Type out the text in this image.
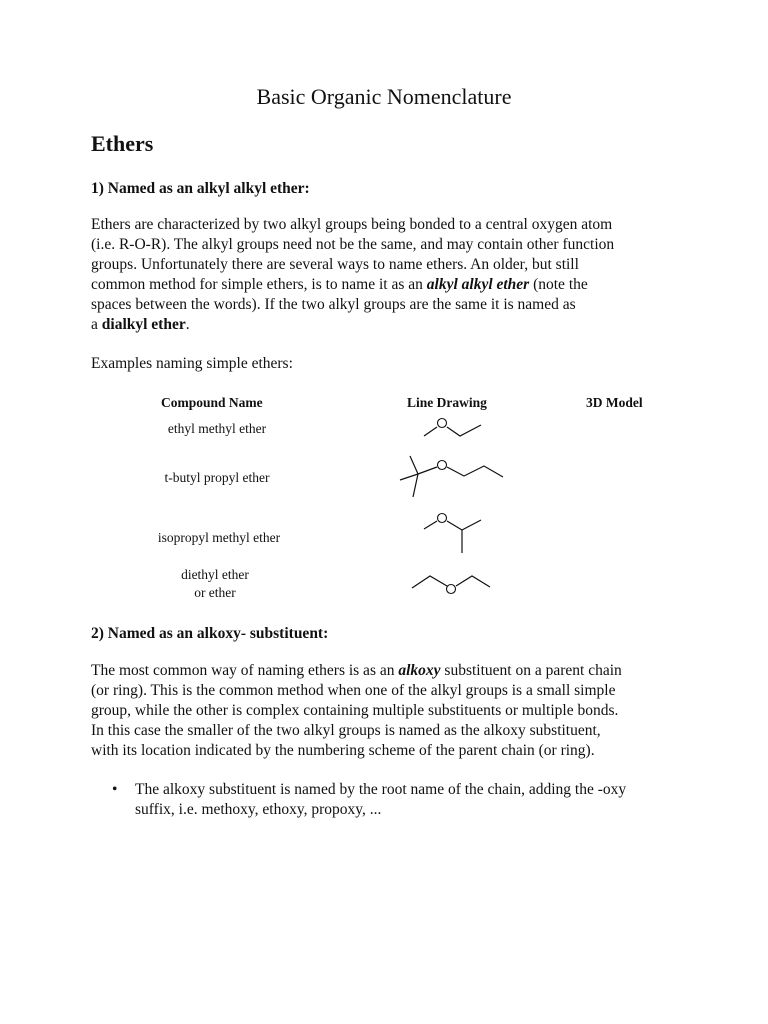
Basic Organic Nomenclature
Ethers

1) Named as an alkyl alkyl ether:

Ethers are characterized by two alkyl groups being bonded to a central oxygen atom
(i.e. R-O-R). The alkyl groups need not be the same, and may contain other function
groups. Unfortunately there are several ways to name ethers. An older, but still
common method for simple ethers, is to name it as an alkyl alkyl ether (note the
spaces between the words). If the two alkyl groups are the same it is named as
a dialkyl ether.

Examples naming simple ethers:

Compound Name	Line Drawing	3D Model
ethyl methyl ether
t-butyl propyl ether
isopropyl methyl ether
diethyl ether
or ether

2) Named as an alkoxy- substituent:

The most common way of naming ethers is as an alkoxy substituent on a parent chain
(or ring). This is the common method when one of the alkyl groups is a small simple
group, while the other is complex containing multiple substituents or multiple bonds.
In this case the smaller of the two alkyl groups is named as the alkoxy substituent,
with its location indicated by the numbering scheme of the parent chain (or ring).
• The alkoxy substituent is named by the root name of the chain, adding the -oxy
suffix, i.e. methoxy, ethoxy, propoxy, ...
